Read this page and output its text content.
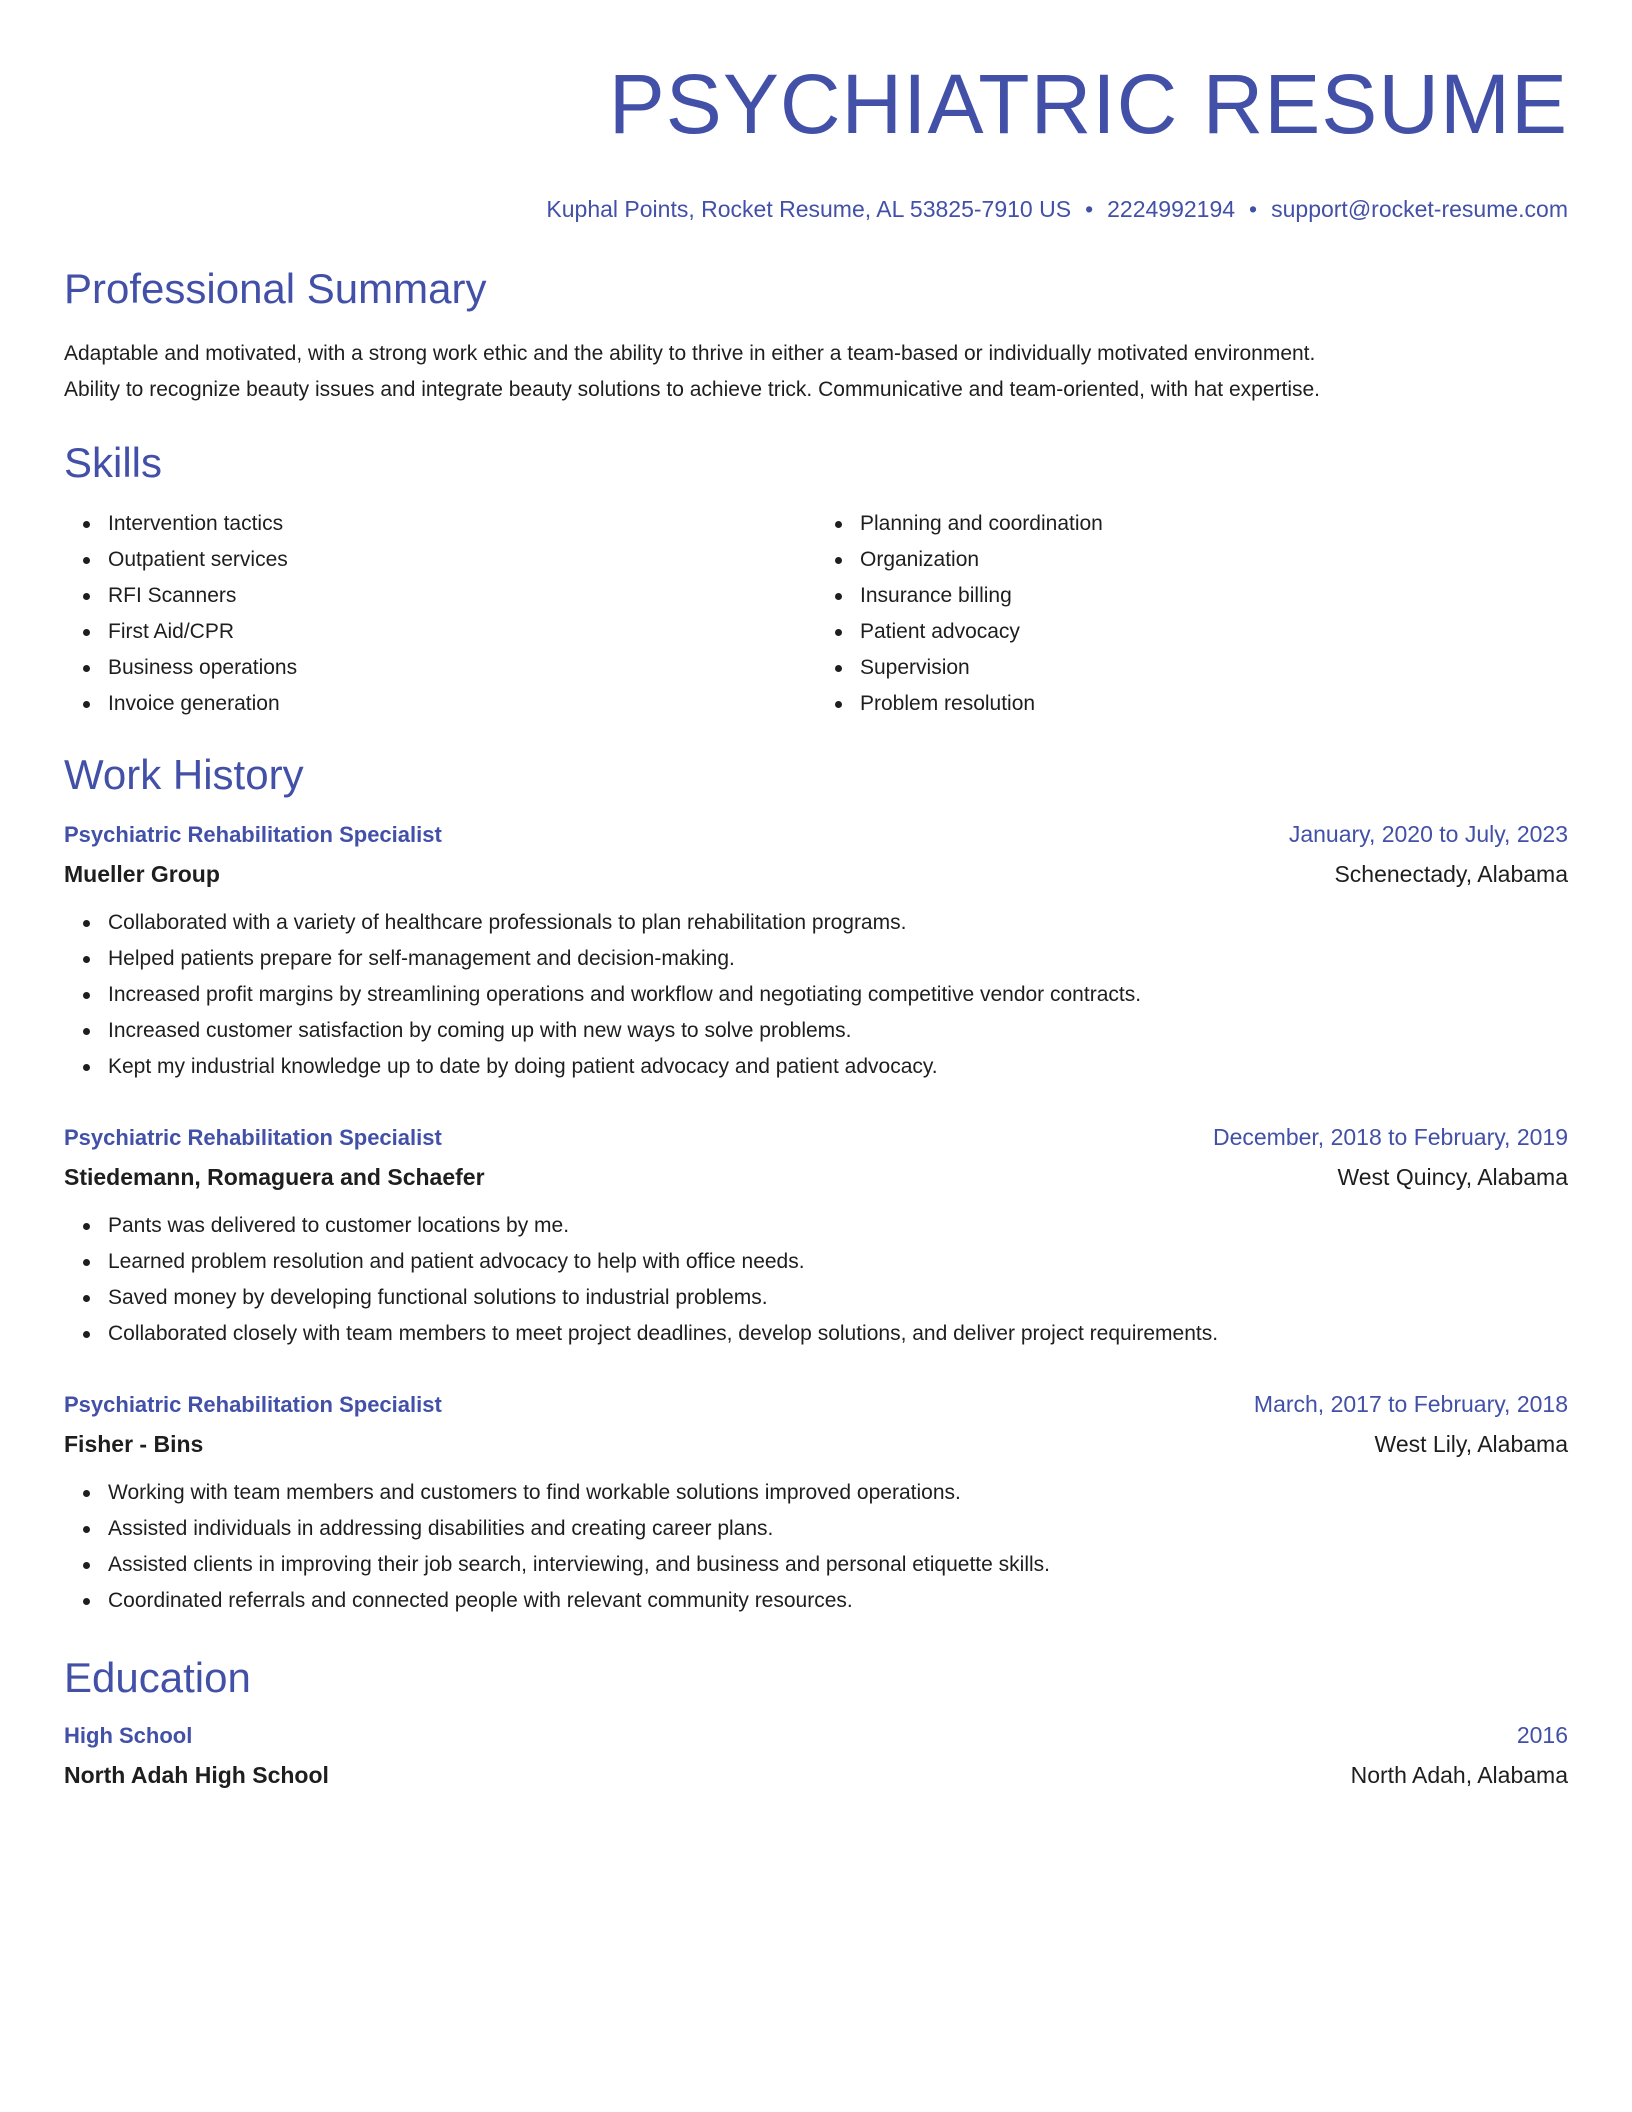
PSYCHIATRIC RESUME
Kuphal Points, Rocket Resume, AL 53825-7910 US • 2224992194 • support@rocket-resume.com
Professional Summary
Adaptable and motivated, with a strong work ethic and the ability to thrive in either a team-based or individually motivated environment.
Ability to recognize beauty issues and integrate beauty solutions to achieve trick. Communicative and team-oriented, with hat expertise.
Skills
Intervention tactics
Outpatient services
RFI Scanners
First Aid/CPR
Business operations
Invoice generation
Planning and coordination
Organization
Insurance billing
Patient advocacy
Supervision
Problem resolution
Work History
Psychiatric Rehabilitation Specialist	January, 2020 to July, 2023
Mueller Group	Schenectady, Alabama
Collaborated with a variety of healthcare professionals to plan rehabilitation programs.
Helped patients prepare for self-management and decision-making.
Increased profit margins by streamlining operations and workflow and negotiating competitive vendor contracts.
Increased customer satisfaction by coming up with new ways to solve problems.
Kept my industrial knowledge up to date by doing patient advocacy and patient advocacy.
Psychiatric Rehabilitation Specialist	December, 2018 to February, 2019
Stiedemann, Romaguera and Schaefer	West Quincy, Alabama
Pants was delivered to customer locations by me.
Learned problem resolution and patient advocacy to help with office needs.
Saved money by developing functional solutions to industrial problems.
Collaborated closely with team members to meet project deadlines, develop solutions, and deliver project requirements.
Psychiatric Rehabilitation Specialist	March, 2017 to February, 2018
Fisher - Bins	West Lily, Alabama
Working with team members and customers to find workable solutions improved operations.
Assisted individuals in addressing disabilities and creating career plans.
Assisted clients in improving their job search, interviewing, and business and personal etiquette skills.
Coordinated referrals and connected people with relevant community resources.
Education
High School	2016
North Adah High School	North Adah, Alabama
